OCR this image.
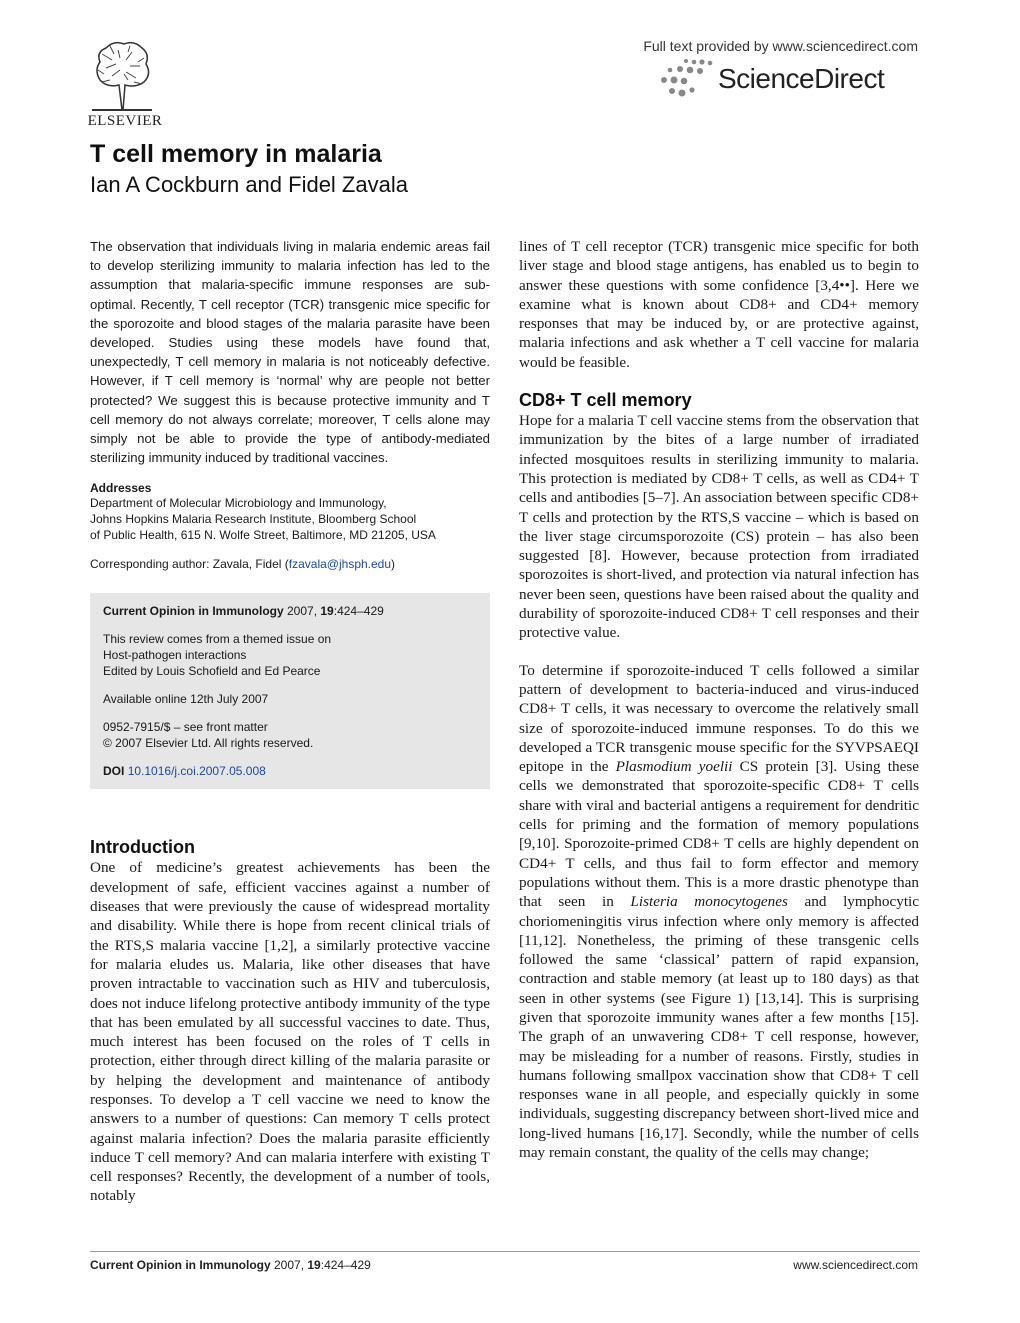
ELSEVIER
Full text provided by www.sciencedirect.com
ScienceDirect
T cell memory in malaria
Ian A Cockburn and Fidel Zavala

The observation that individuals living in malaria endemic areas fail to develop sterilizing immunity to malaria infection has led to the assumption that malaria-specific immune responses are sub-optimal. Recently, T cell receptor (TCR) transgenic mice specific for the sporozoite and blood stages of the malaria parasite have been developed. Studies using these models have found that, unexpectedly, T cell memory in malaria is not noticeably defective. However, if T cell memory is ‘normal’ why are people not better protected? We suggest this is because protective immunity and T cell memory do not always correlate; moreover, T cells alone may simply not be able to provide the type of antibody-mediated sterilizing immunity induced by traditional vaccines.

Addresses

Department of Molecular Microbiology and Immunology,

Johns Hopkins Malaria Research Institute, Bloomberg School

of Public Health, 615 N. Wolfe Street, Baltimore, MD 21205, USA

Corresponding author: Zavala, Fidel (fzavala@jhsph.edu)

Current Opinion in Immunology 2007, 19:424–429

This review comes from a themed issue on

Host-pathogen interactions

Edited by Louis Schofield and Ed Pearce

Available online 12th July 2007

0952-7915/$ – see front matter

© 2007 Elsevier Ltd. All rights reserved.

DOI 10.1016/j.coi.2007.05.008

Introduction

One of medicine’s greatest achievements has been the development of safe, efficient vaccines against a number of diseases that were previously the cause of widespread mortality and disability. While there is hope from recent clinical trials of the RTS,S malaria vaccine [1,2], a similarly protective vaccine for malaria eludes us. Malaria, like other diseases that have proven intractable to vaccination such as HIV and tuberculosis, does not induce lifelong protective antibody immunity of the type that has been emulated by all successful vaccines to date. Thus, much interest has been focused on the roles of T cells in protection, either through direct killing of the malaria parasite or by helping the development and maintenance of antibody responses. To develop a T cell vaccine we need to know the answers to a number of questions: Can memory T cells protect against malaria infection? Does the malaria parasite efficiently induce T cell memory? And can malaria interfere with existing T cell responses? Recently, the development of a number of tools, notably

lines of T cell receptor (TCR) transgenic mice specific for both liver stage and blood stage antigens, has enabled us to begin to answer these questions with some confidence [3,4••]. Here we examine what is known about CD8+ and CD4+ memory responses that may be induced by, or are protective against, malaria infections and ask whether a T cell vaccine for malaria would be feasible.

CD8+ T cell memory

Hope for a malaria T cell vaccine stems from the observation that immunization by the bites of a large number of irradiated infected mosquitoes results in sterilizing immunity to malaria. This protection is mediated by CD8+ T cells, as well as CD4+ T cells and antibodies [5–7]. An association between specific CD8+ T cells and protection by the RTS,S vaccine – which is based on the liver stage circumsporozoite (CS) protein – has also been suggested [8]. However, because protection from irradiated sporozoites is short-lived, and protection via natural infection has never been seen, questions have been raised about the quality and durability of sporozoite-induced CD8+ T cell responses and their protective value.

To determine if sporozoite-induced T cells followed a similar pattern of development to bacteria-induced and virus-induced CD8+ T cells, it was necessary to overcome the relatively small size of sporozoite-induced immune responses. To do this we developed a TCR transgenic mouse specific for the SYVPSAEQI epitope in the Plasmodium yoelii CS protein [3]. Using these cells we demonstrated that sporozoite-specific CD8+ T cells share with viral and bacterial antigens a requirement for dendritic cells for priming and the formation of memory populations [9,10]. Sporozoite-primed CD8+ T cells are highly dependent on CD4+ T cells, and thus fail to form effector and memory populations without them. This is a more drastic phenotype than that seen in Listeria monocytogenes and lymphocytic choriomeningitis virus infection where only memory is affected [11,12]. Nonetheless, the priming of these transgenic cells followed the same ‘classical’ pattern of rapid expansion, contraction and stable memory (at least up to 180 days) as that seen in other systems (see Figure 1) [13,14]. This is surprising given that sporozoite immunity wanes after a few months [15]. The graph of an unwavering CD8+ T cell response, however, may be misleading for a number of reasons. Firstly, studies in humans following smallpox vaccination show that CD8+ T cell responses wane in all people, and especially quickly in some individuals, suggesting discrepancy between short-lived mice and long-lived humans [16,17]. Secondly, while the number of cells may remain constant, the quality of the cells may change;

Current Opinion in Immunology 2007, 19:424–429	www.sciencedirect.com
